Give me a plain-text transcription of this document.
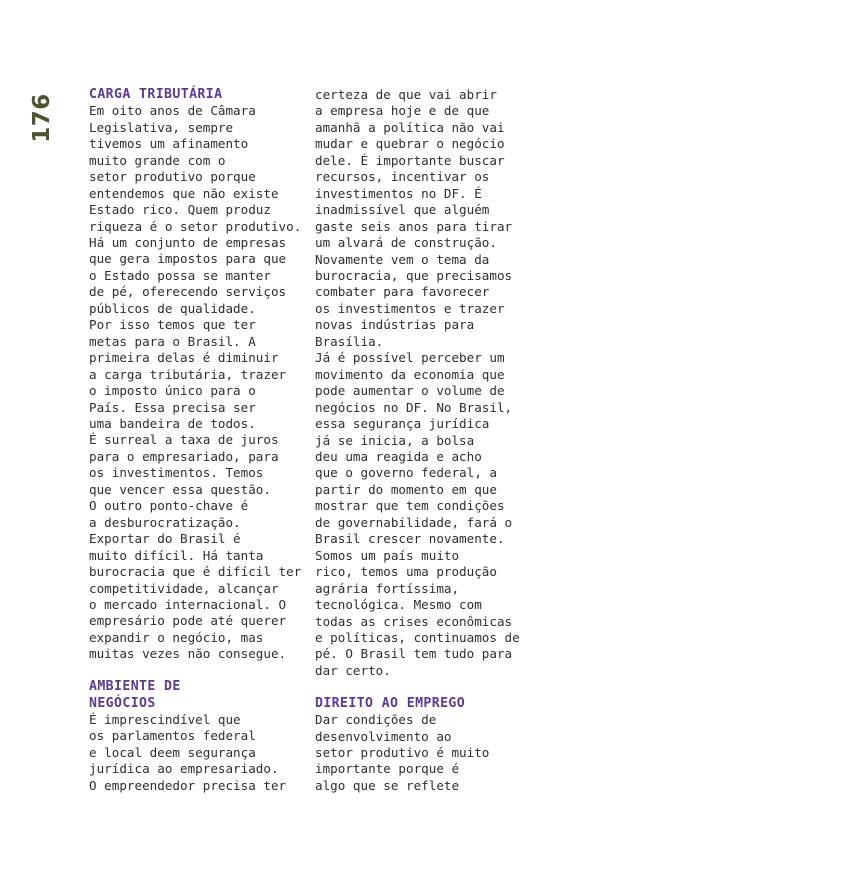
176	CARGA TRIBUTÁRIA

Em oito anos de Câmara
Legislativa, sempre
tivemos um afinamento
muito grande com o
setor produtivo porque
entendemos que não existe
Estado rico. Quem produz
riqueza é o setor produtivo.
Há um conjunto de empresas
que gera impostos para que
o Estado possa se manter
de pé, oferecendo serviços
públicos de qualidade.
Por isso temos que ter
metas para o Brasil. A
primeira delas é diminuir
a carga tributária, trazer
o imposto único para o
País. Essa precisa ser
uma bandeira de todos.
É surreal a taxa de juros
para o empresariado, para
os investimentos. Temos
que vencer essa questão.
O outro ponto-chave é
a desburocratização.
Exportar do Brasil é
muito difícil. Há tanta
burocracia que é difícil ter
competitividade, alcançar
o mercado internacional. O
empresário pode até querer
expandir o negócio, mas
muitas vezes não consegue.

AMBIENTE DE
NEGÓCIOS

É imprescindível que
os parlamentos federal
e local deem segurança
jurídica ao empresariado.
O empreendedor precisa ter

certeza de que vai abrir
a empresa hoje e de que
amanhã a política não vai
mudar e quebrar o negócio
dele. É importante buscar
recursos, incentivar os
investimentos no DF. É
inadmissível que alguém
gaste seis anos para tirar
um alvará de construção.
Novamente vem o tema da
burocracia, que precisamos
combater para favorecer
os investimentos e trazer
novas indústrias para
Brasília.
Já é possível perceber um
movimento da economia que
pode aumentar o volume de
negócios no DF. No Brasil,
essa segurança jurídica
já se inicia, a bolsa
deu uma reagida e acho
que o governo federal, a
partir do momento em que
mostrar que tem condições
de governabilidade, fará o
Brasil crescer novamente.
Somos um país muito
rico, temos uma produção
agrária fortíssima,
tecnológica. Mesmo com
todas as crises econômicas
e políticas, continuamos de
pé. O Brasil tem tudo para
dar certo.

DIREITO AO EMPREGO

Dar condições de
desenvolvimento ao
setor produtivo é muito
importante porque é
algo que se reflete
